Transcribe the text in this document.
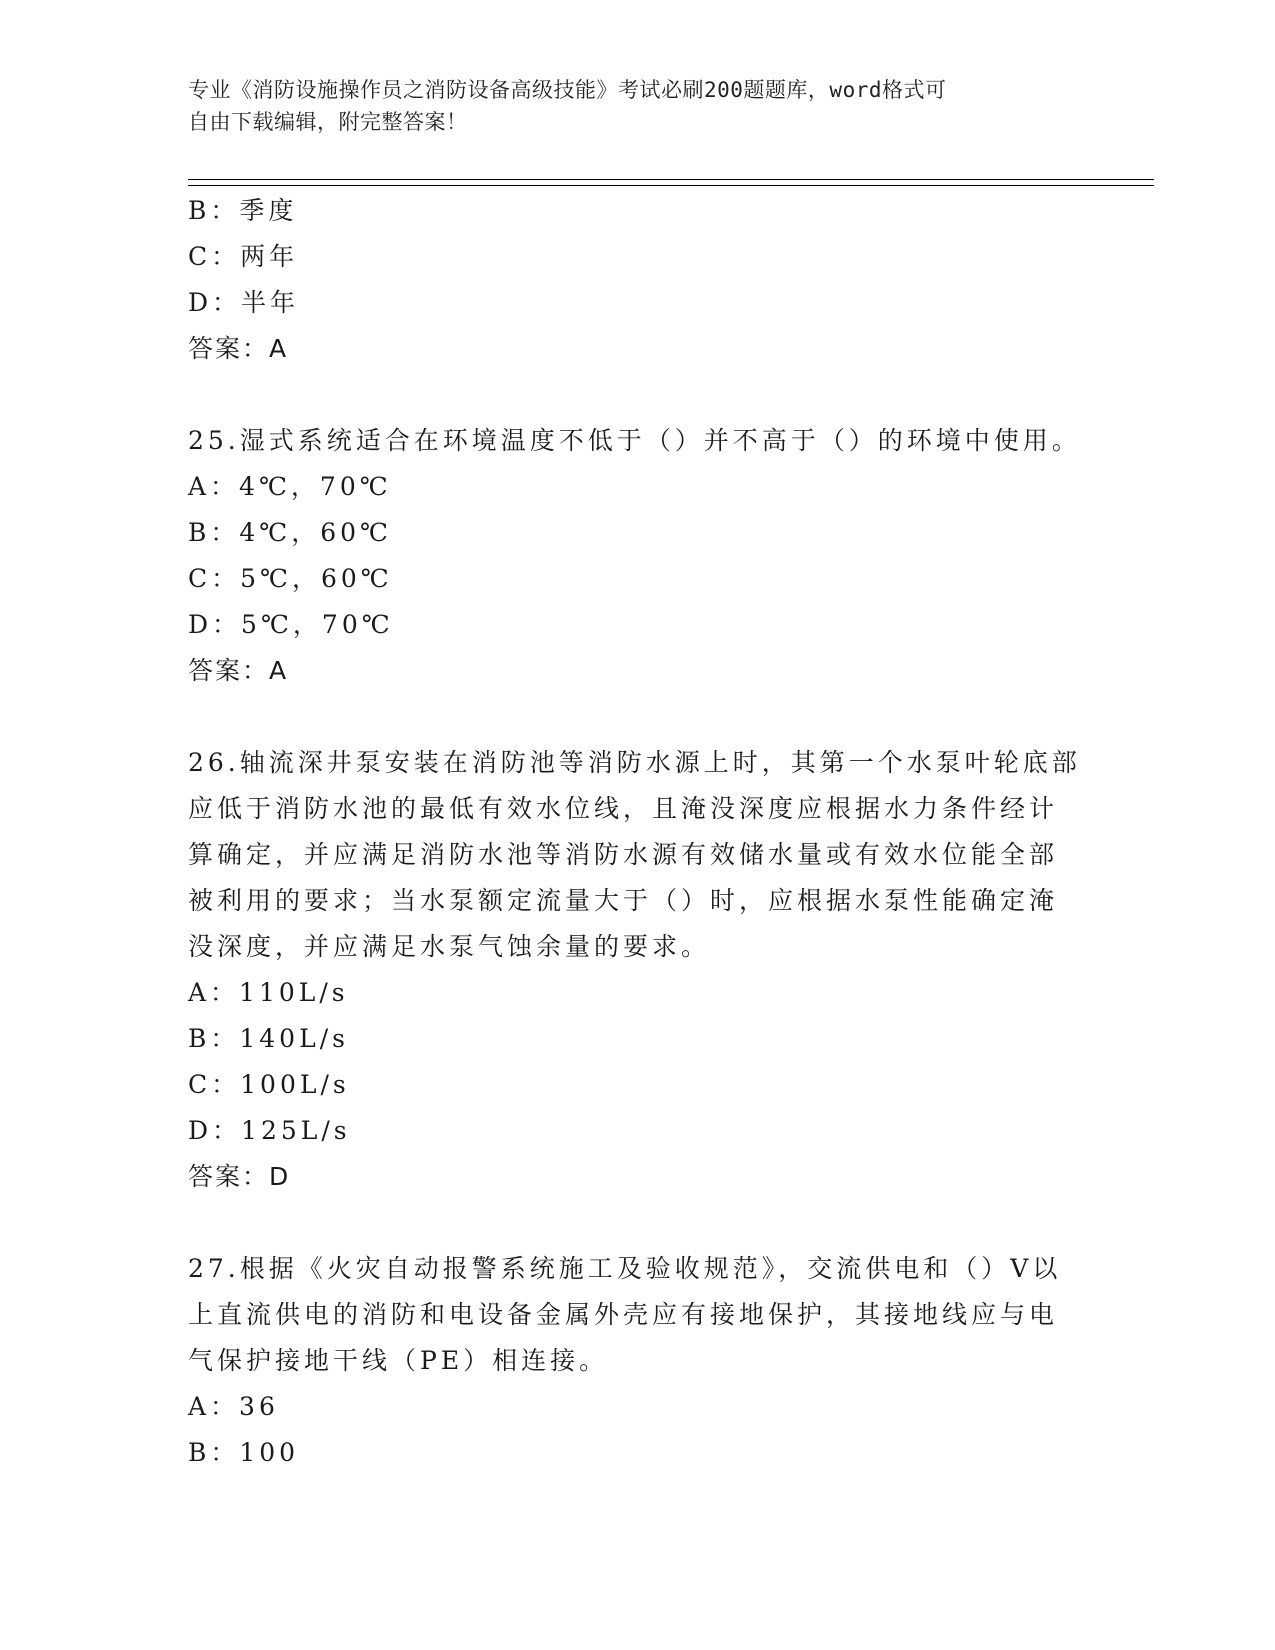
专业《消防设施操作员之消防设备高级技能》考试必刷200题题库，word格式可
自由下载编辑，附完整答案！
B：季度
C：两年
D：半年
答案：A
25.湿式系统适合在环境温度不低于（）并不高于（）的环境中使用。
A：4℃，70℃
B：4℃，60℃
C：5℃，60℃
D：5℃，70℃
答案：A
26.轴流深井泵安装在消防池等消防水源上时，其第一个水泵叶轮底部
应低于消防水池的最低有效水位线，且淹没深度应根据水力条件经计
算确定，并应满足消防水池等消防水源有效储水量或有效水位能全部
被利用的要求；当水泵额定流量大于（）时，应根据水泵性能确定淹
没深度，并应满足水泵气蚀余量的要求。
A：110L/s
B：140L/s
C：100L/s
D：125L/s
答案：D
27.根据《火灾自动报警系统施工及验收规范》，交流供电和（）V以
上直流供电的消防和电设备金属外壳应有接地保护，其接地线应与电
气保护接地干线（PE）相连接。
A：36
B：100
